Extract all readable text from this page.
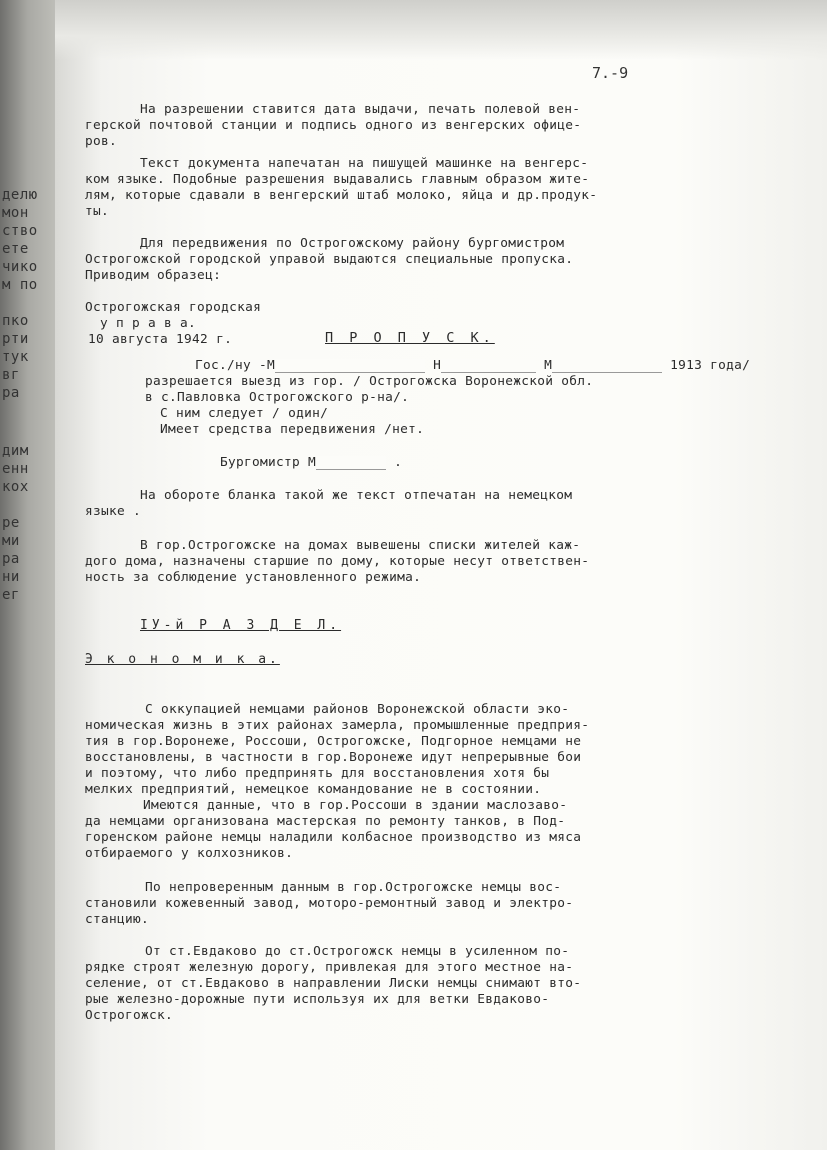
делю
мон
ство
ете
чико
м по
пко
рти
тук
вг
ра
дим
енн
кох
ре
ми
ра
ни
ег

7.-9
На разрешении ставится дата выдачи, печать полевой вен-
герской почтовой станции и подпись одного из венгерских офице-
ров.
Текст документа напечатан на пишущей машинке на венгерс-
ком языке. Подобные разрешения выдавались главным образом жите-
лям, которые сдавали в венгерский штаб молоко, яйца и др.продук-
ты.
Для передвижения по Острогожскому району бургомистром
Острогожской городской управой выдаются специальные пропуска.
Приводим образец:
Острогожская городская
у п р а в а.
10 августа 1942 г.	П Р О П У С К.
Гос./ну -М	Н	М	1913 года/
разрешается выезд из гор. / Острогожска Воронежской обл.
в с.Павловка Острогожского р-на/.
С ним следует / один/
Имеет средства передвижения /нет.
Бургомистр М	.
На обороте бланка такой же текст отпечатан на немецком
языке .
В гор.Острогожске на домах вывешены списки жителей каж-
дого дома, назначены старшие по дому, которые несут ответствен-
ность за соблюдение установленного режима.
IУ-й Р А З Д Е Л.
Э к о н о м и к а.
С оккупацией немцами районов Воронежской области эко-
номическая жизнь в этих районах замерла, промышленные предприя-
тия в гор.Воронеже, Россоши, Острогожске, Подгорное немцами не
восстановлены, в частности в гор.Воронеже идут непрерывные бои
и поэтому, что либо предпринять для восстановления хотя бы
мелких предприятий, немецкое командование не в состоянии.
Имеются данные, что в гор.Россоши в здании маслозаво-
да немцами организована мастерская по ремонту танков, в Под-
горенском районе немцы наладили колбасное производство из мяса
отбираемого у колхозников.
По непроверенным данным в гор.Острогожске немцы вос-
становили кожевенный завод, моторо-ремонтный завод и электро-
станцию.
От ст.Евдаково до ст.Острогожск немцы в усиленном по-
рядке строят железную дорогу, привлекая для этого местное на-
селение, от ст.Евдаково в направлении Лиски немцы снимают вто-
рые железно-дорожные пути используя их для ветки Евдаково-
Острогожск.
